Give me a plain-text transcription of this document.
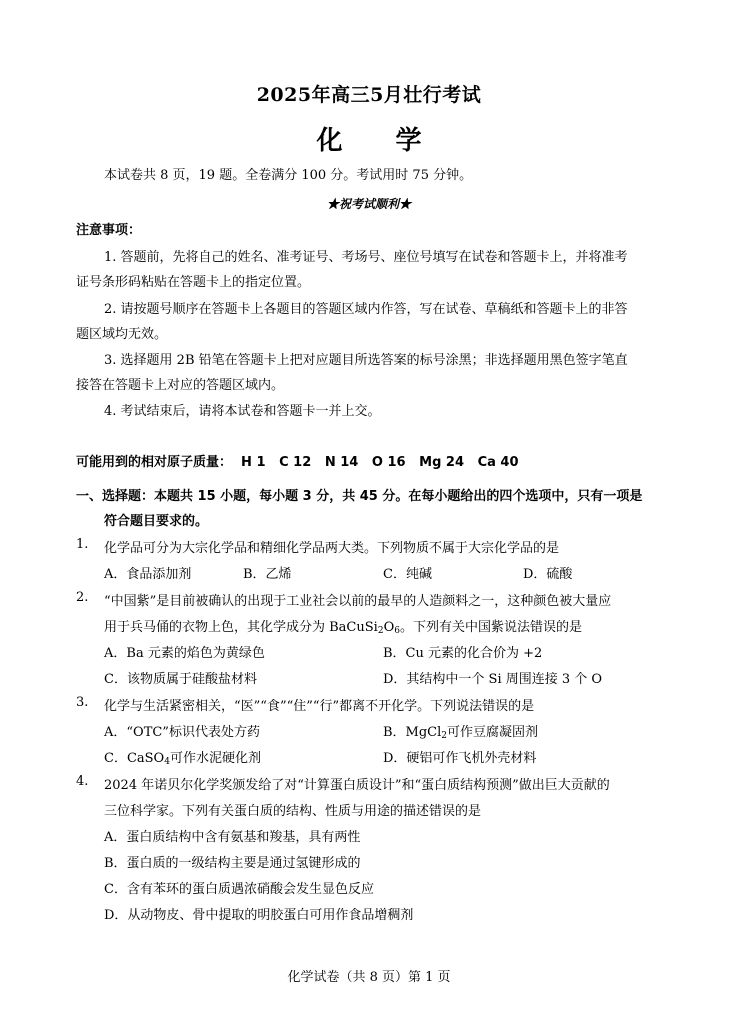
2025年高三5月壮行考试
化 学
本试卷共 8 页，19 题。全卷满分 100 分。考试用时 75 分钟。
★祝考试顺利★
注意事项：
1. 答题前，先将自己的姓名、准考证号、考场号、座位号填写在试卷和答题卡上，并将准考
证号条形码粘贴在答题卡上的指定位置。
2. 请按题号顺序在答题卡上各题目的答题区域内作答，写在试卷、草稿纸和答题卡上的非答
题区域均无效。
3. 选择题用 2B 铅笔在答题卡上把对应题目所选答案的标号涂黑；非选择题用黑色签字笔直
接答在答题卡上对应的答题区域内。
4. 考试结束后，请将本试卷和答题卡一并上交。
可能用到的相对原子质量：  H 1   C 12   N 14   O 16   Mg 24   Ca 40
一、选择题：本题共 15 小题，每小题 3 分，共 45 分。在每小题给出的四个选项中，只有一项是
符合题目要求的。
1. 化学品可分为大宗化学品和精细化学品两大类。下列物质不属于大宗化学品的是
A．食品添加剂	B．乙烯	C．纯碱	D．硫酸
2. “中国紫”是目前被确认的出现于工业社会以前的最早的人造颜料之一，这种颜色被大量应
用于兵马俑的衣物上色，其化学成分为 $BaCuSi_2O_6$。下列有关中国紫说法错误的是
A．Ba 元素的焰色为黄绿色	B．Cu 元素的化合价为 +2
C．该物质属于硅酸盐材料	D．其结构中一个 Si 周围连接 3 个 O
3. 化学与生活紧密相关，“医”“食”“住”“行”都离不开化学。下列说法错误的是
A．“OTC”标识代表处方药	B．MgCl$_2$可作豆腐凝固剂
C．CaSO$_4$可作水泥硬化剂	D．硬铝可作飞机外壳材料
4. 2024 年诺贝尔化学奖颁发给了对“计算蛋白质设计”和“蛋白质结构预测”做出巨大贡献的
三位科学家。下列有关蛋白质的结构、性质与用途的描述错误的是
A．蛋白质结构中含有氨基和羧基，具有两性
B．蛋白质的一级结构主要是通过氢键形成的
C．含有苯环的蛋白质遇浓硝酸会发生显色反应
D．从动物皮、骨中提取的明胶蛋白可用作食品增稠剂
化学试卷（共 8 页）第 1 页
